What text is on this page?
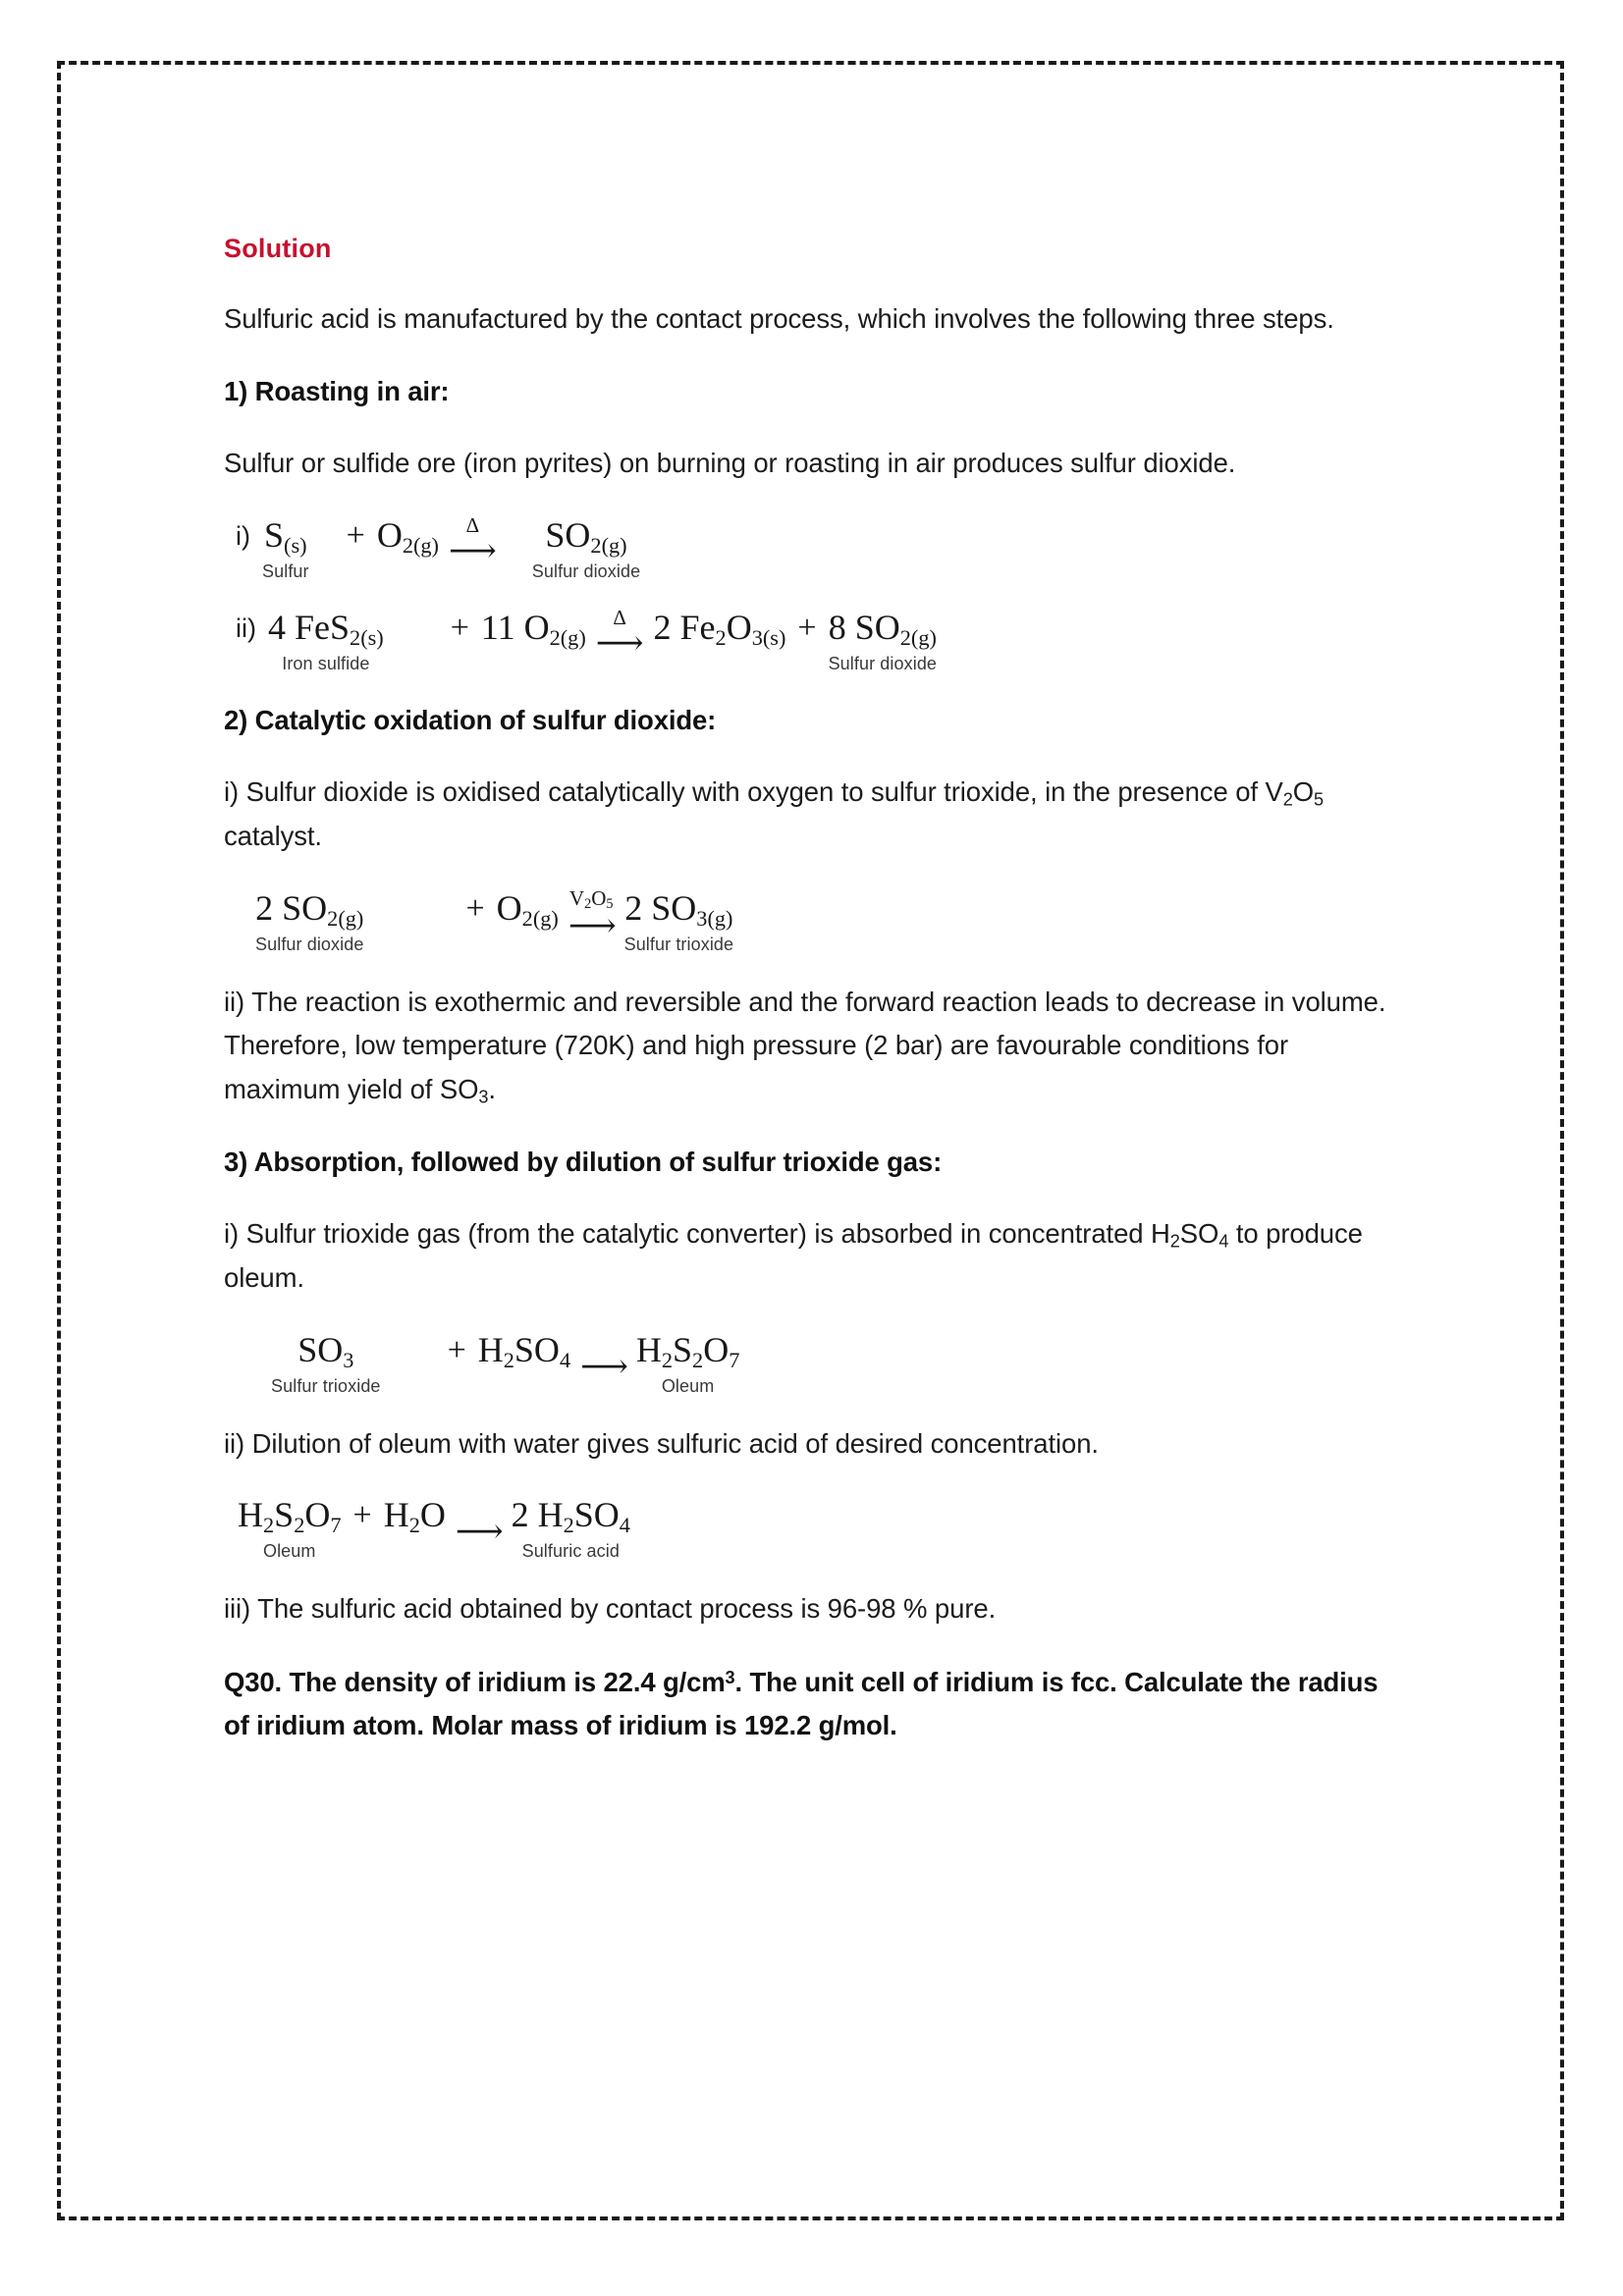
Solution

Sulfuric acid is manufactured by the contact process, which involves the following three steps.

1) Roasting in air:

Sulfur or sulfide ore (iron pyrites) on burning or roasting in air produces sulfur dioxide.

i) $S_{(s)}$
Sulfur
+ $O_{2(g)}$
Δ
⟶ $SO_{2(g)}$
Sulfur dioxide
ii) 4 FeS$_{2(s)}$
Iron sulfide
+ 11 $O_{2(g)}$
Δ
⟶ 2 $Fe_2O_{3(s)} + 8$ $SO_{2(g)}$
Sulfur dioxide

2) Catalytic oxidation of sulfur dioxide:

i) Sulfur dioxide is oxidised catalytically with oxygen to sulfur trioxide, in the presence of $V_2O_5$ catalyst.

2 $SO_{2(g)}$
Sulfur dioxide
+ $O_{2(g)}$
$V_2O_5$
⟶ 2 $SO_{3(g)}$
Sulfur trioxide

ii) The reaction is exothermic and reversible and the forward reaction leads to decrease in volume. Therefore, low temperature (720K) and high pressure (2 bar) are favourable conditions for maximum yield of $SO_3$.

3) Absorption, followed by dilution of sulfur trioxide gas:

i) Sulfur trioxide gas (from the catalytic converter) is absorbed in concentrated $H_2SO_4$ to produce oleum.

$SO_3$
Sulfur trioxide
+ $H_2SO_4$ ⟶ $H_2S_2O_7$
Oleum

ii) Dilution of oleum with water gives sulfuric acid of desired concentration.

$H_2S_2O_7$
Oleum
+ $H_2O$ ⟶ 2 $H_2SO_4$
Sulfuric acid

iii) The sulfuric acid obtained by contact process is 96-98 % pure.

Q30. The density of iridium is 22.4 $g/cm^3$. The unit cell of iridium is fcc. Calculate the radius of iridium atom. Molar mass of iridium is 192.2 g/mol.
